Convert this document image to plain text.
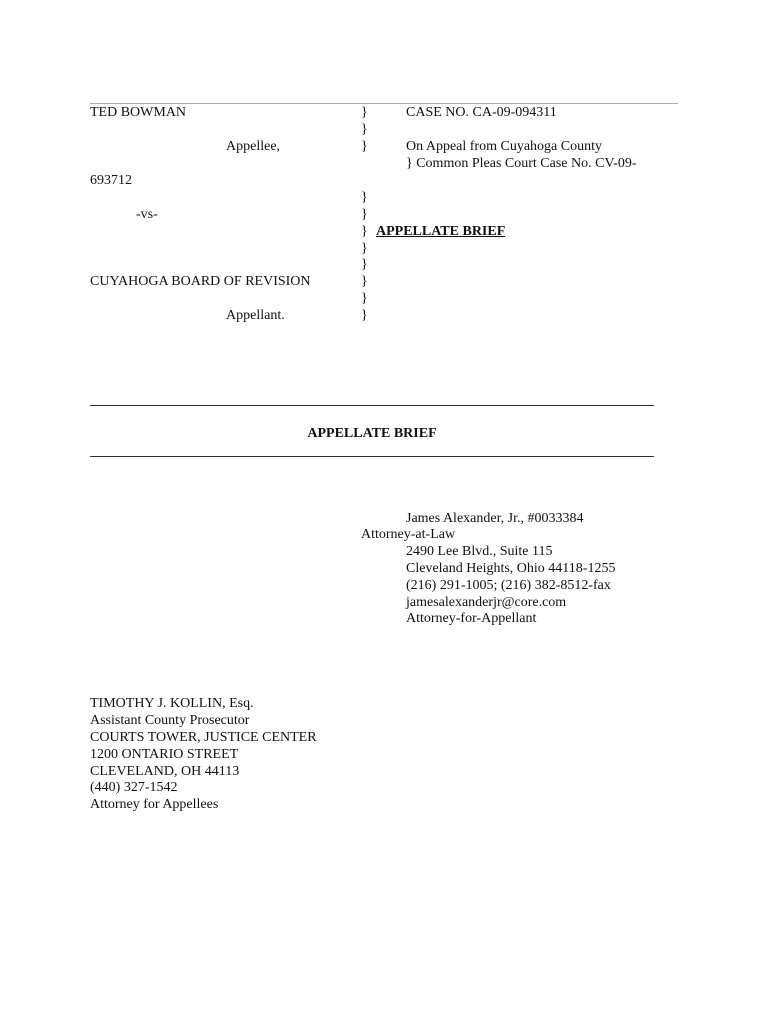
TED BOWMAN
Appellee,
693712
-vs-
CUYAHOGA BOARD OF REVISION
Appellant.
}
}
}
}
}
}
}
}
}
}
}
CASE NO. CA-09-094311
On Appeal from Cuyahoga County
} Common Pleas Court Case No. CV-09-
APPELLATE BRIEF
APPELLATE BRIEF
James Alexander, Jr., #0033384
Attorney-at-Law
2490 Lee Blvd., Suite 115
Cleveland Heights, Ohio 44118-1255
(216) 291-1005; (216) 382-8512-fax
jamesalexanderjr@core.com
Attorney-for-Appellant
TIMOTHY J. KOLLIN, Esq.
Assistant County Prosecutor
COURTS TOWER, JUSTICE CENTER
1200 ONTARIO STREET
CLEVELAND, OH 44113
(440) 327-1542
Attorney for Appellees
